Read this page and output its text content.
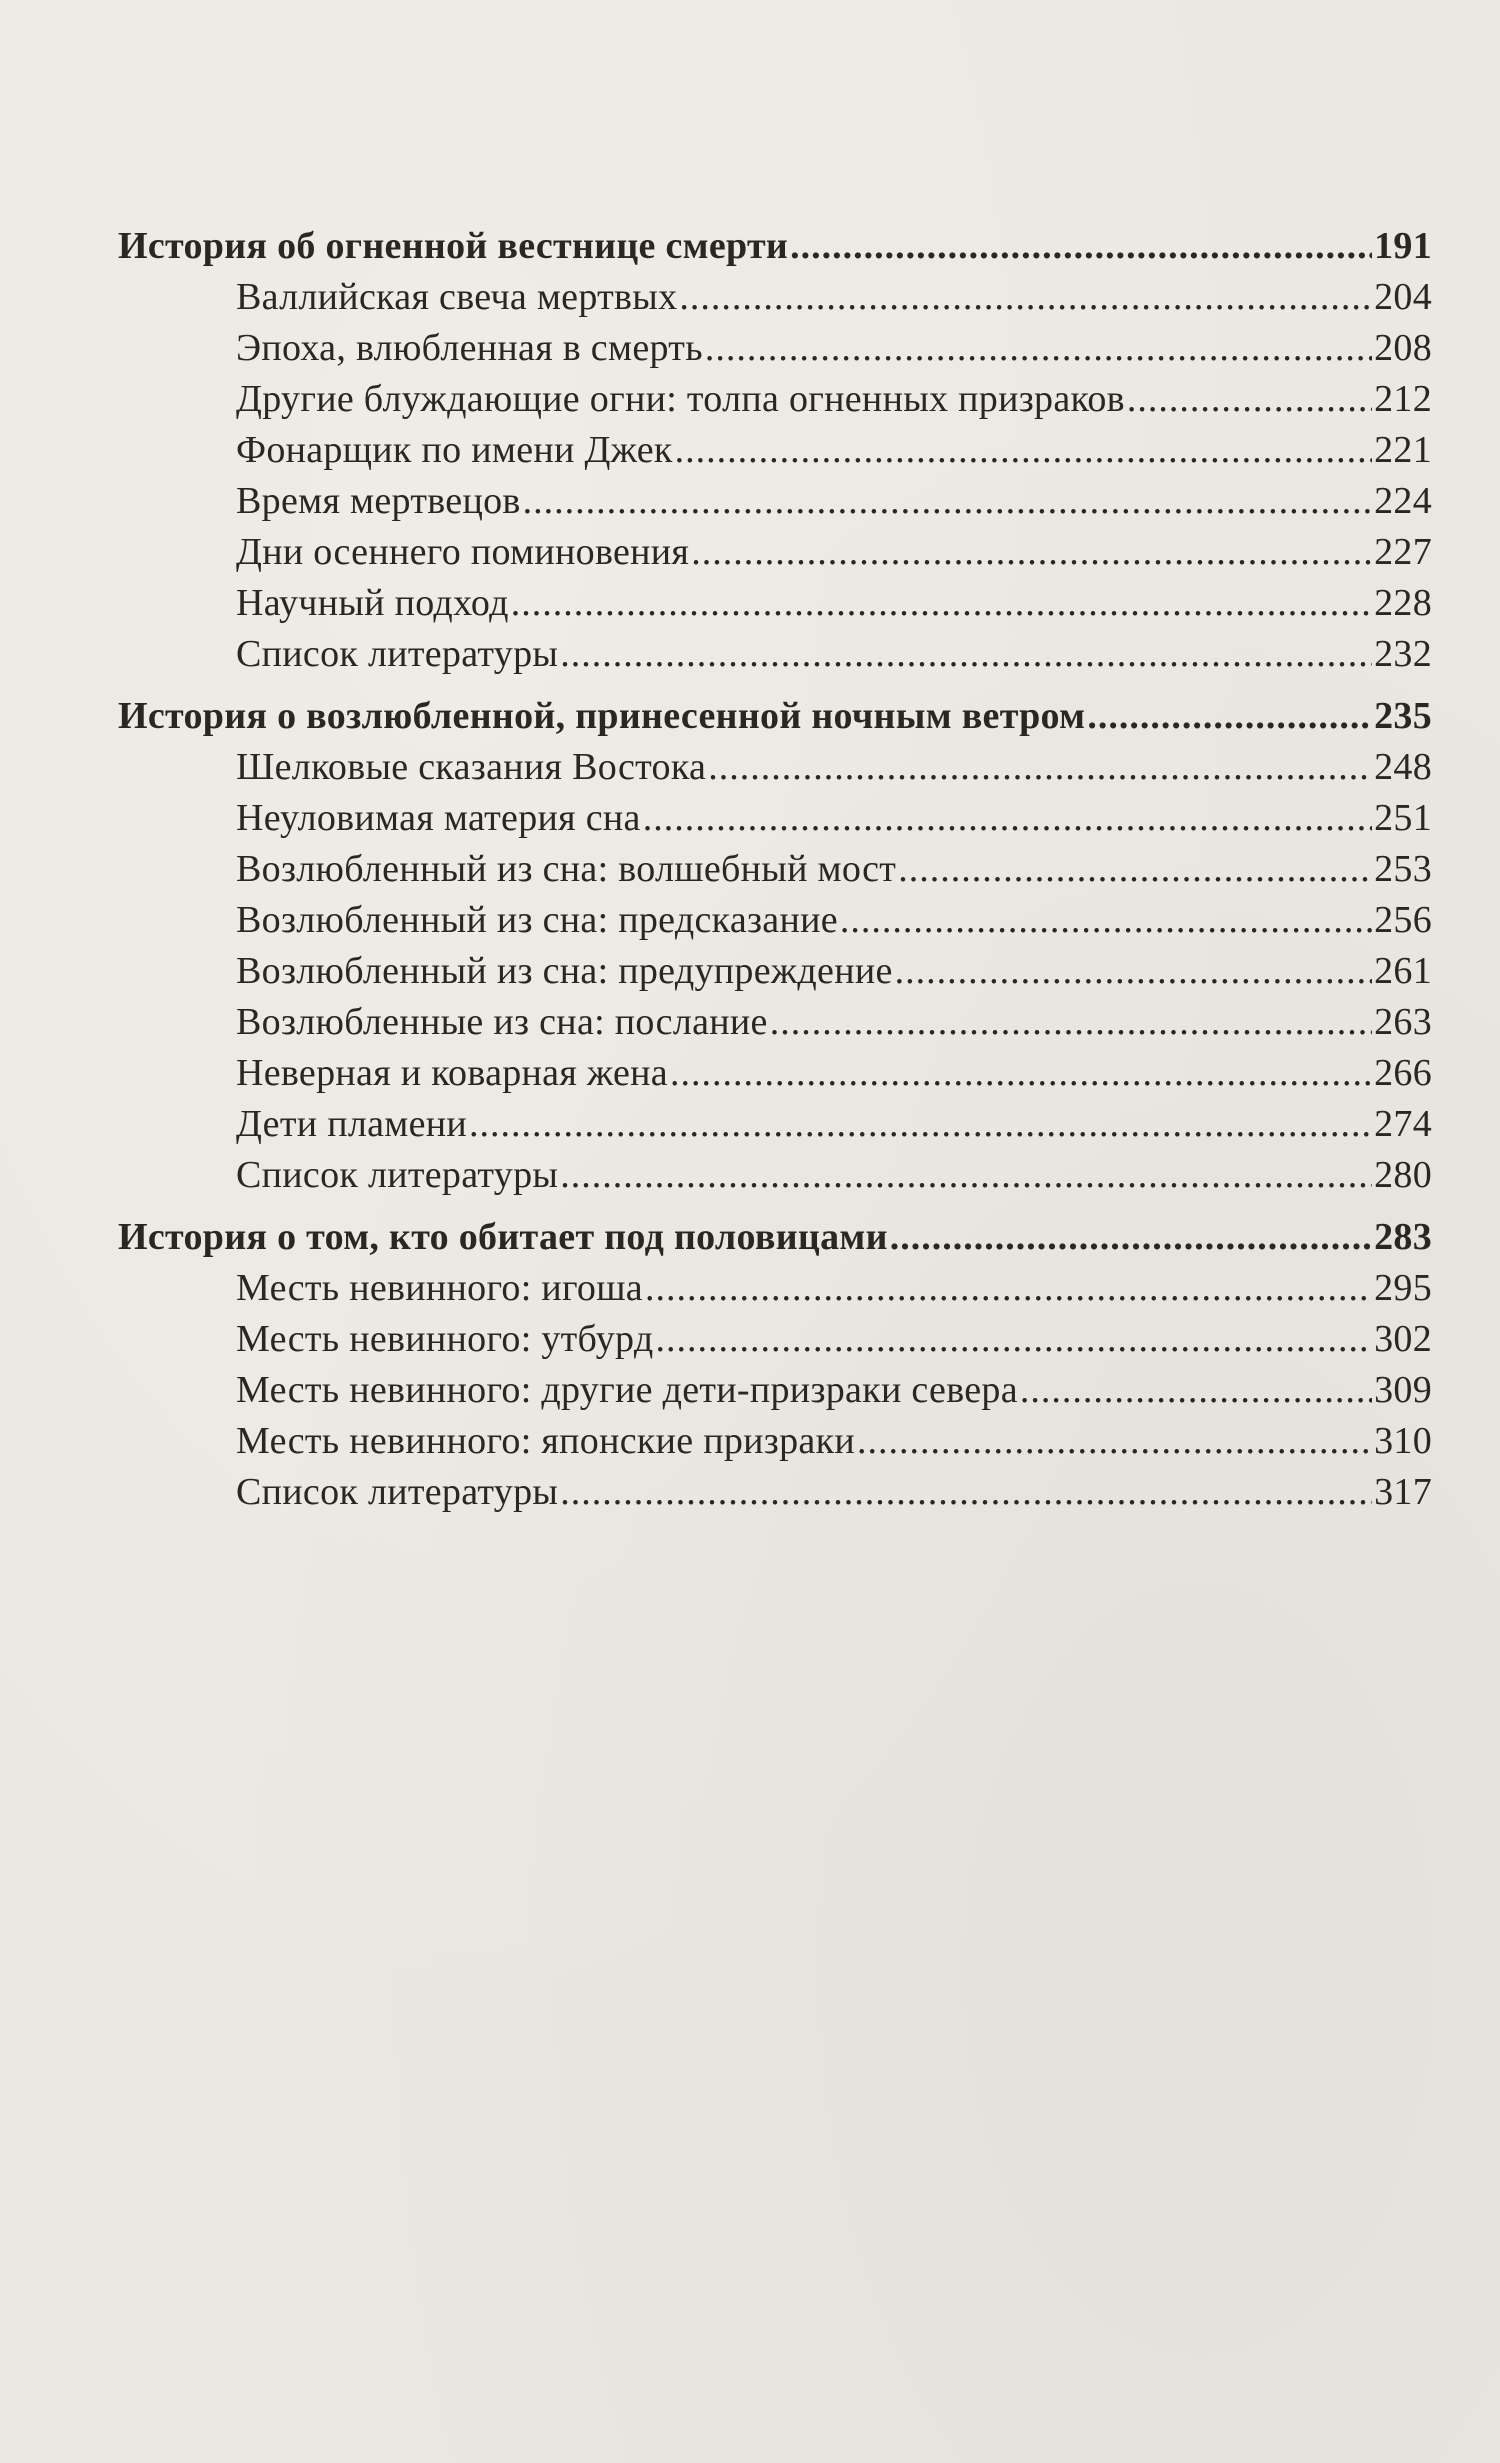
История об огненной вестнице смерти .....	191
Валлийская свеча мертвых .....	204
Эпоха, влюбленная в смерть .....	208
Другие блуждающие огни: толпа огненных призраков .....	212
Фонарщик по имени Джек .....	221
Время мертвецов .....	224
Дни осеннего поминовения .....	227
Научный подход .....	228
Список литературы .....	232
История о возлюбленной, принесенной ночным ветром .....	235
Шелковые сказания Востока .....	248
Неуловимая материя сна .....	251
Возлюбленный из сна: волшебный мост .....	253
Возлюбленный из сна: предсказание .....	256
Возлюбленный из сна: предупреждение .....	261
Возлюбленные из сна: послание .....	263
Неверная и коварная жена .....	266
Дети пламени .....	274
Список литературы .....	280
История о том, кто обитает под половицами .....	283
Месть невинного: игоша .....	295
Месть невинного: утбурд .....	302
Месть невинного: другие дети-призраки севера .....	309
Месть невинного: японские призраки .....	310
Список литературы .....	317
